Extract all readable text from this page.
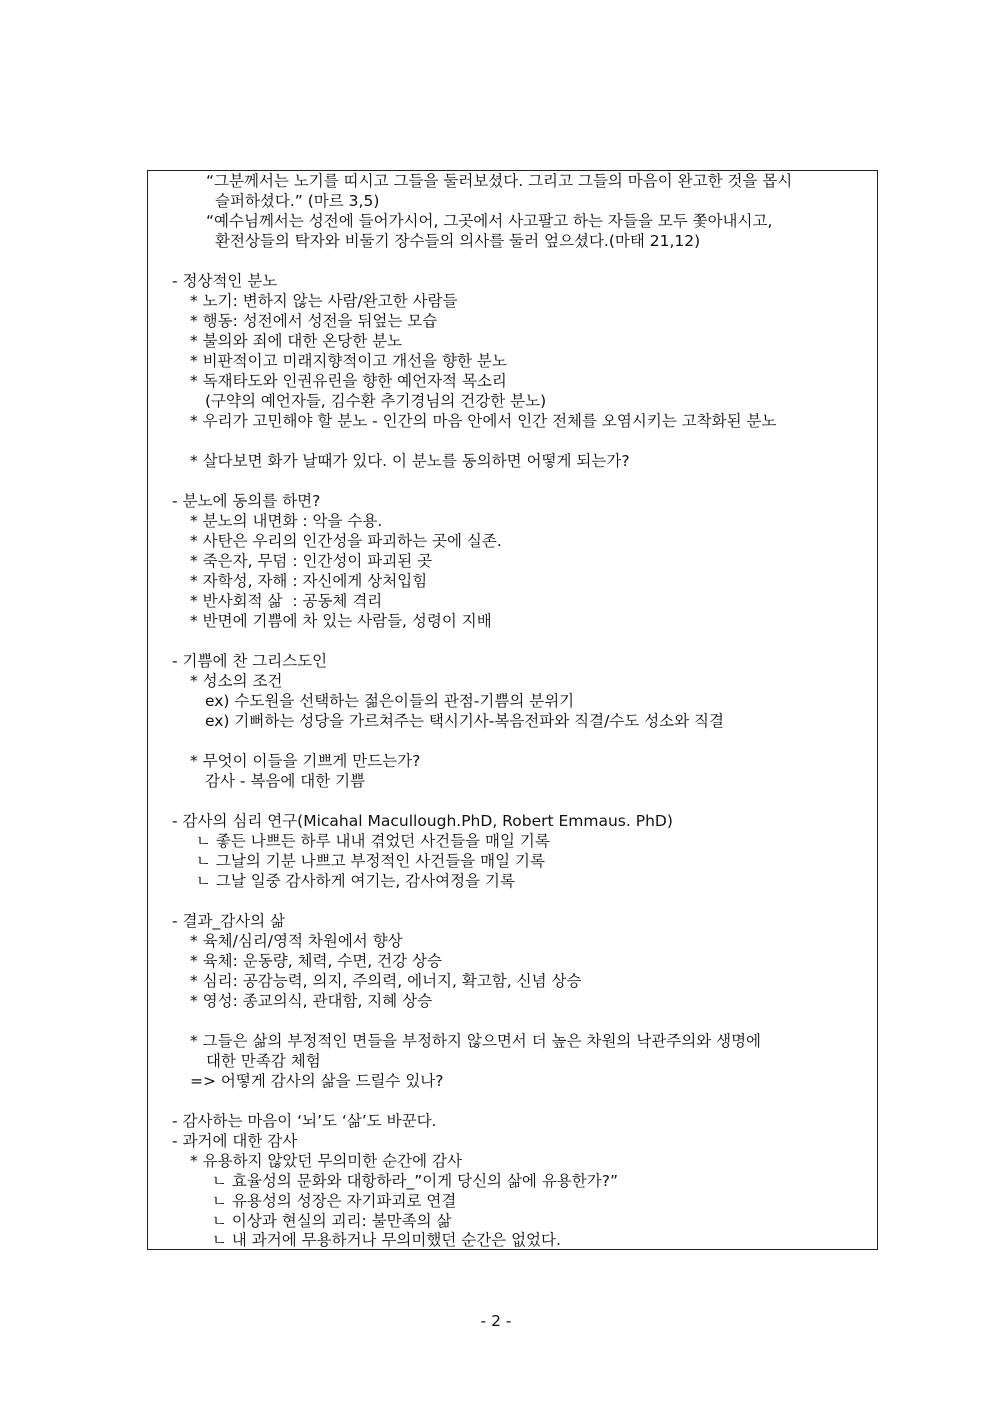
“그분께서는 노기를 띠시고 그들을 둘러보셨다. 그리고 그들의 마음이 완고한 것을 몹시
슬퍼하셨다.” (마르 3,5)
“예수님께서는 성전에 들어가시어, 그곳에서 사고팔고 하는 자들을 모두 쫓아내시고,
환전상들의 탁자와 비둘기 장수들의 의사를 둘러 엎으셨다.(마태 21,12)
- 정상적인 분노
* 노기: 변하지 않는 사람/완고한 사람들
* 행동: 성전에서 성전을 뒤엎는 모습
* 불의와 죄에 대한 온당한 분노
* 비판적이고 미래지향적이고 개선을 향한 분노
* 독재타도와 인권유린을 향한 예언자적 목소리
(구약의 예언자들, 김수환 추기경님의 건강한 분노)
* 우리가 고민해야 할 분노 - 인간의 마음 안에서 인간 전체를 오염시키는 고착화된 분노
* 살다보면 화가 날때가 있다. 이 분노를 동의하면 어떻게 되는가?
- 분노에 동의를 하면?
* 분노의 내면화 : 악을 수용.
* 사탄은 우리의 인간성을 파괴하는 곳에 실존.
* 죽은자, 무덤 : 인간성이 파괴된 곳
* 자학성, 자해 : 자신에게 상처입힘
* 반사회적 삶  : 공동체 격리
* 반면에 기쁨에 차 있는 사람들, 성령이 지배
- 기쁨에 찬 그리스도인
* 성소의 조건
ex) 수도원을 선택하는 젊은이들의 관점-기쁨의 분위기
ex) 기뻐하는 성당을 가르쳐주는 택시기사-복음전파와 직결/수도 성소와 직결
* 무엇이 이들을 기쁘게 만드는가?
감사 - 복음에 대한 기쁨
- 감사의 심리 연구(Micahal Macullough.PhD, Robert Emmaus. PhD)
ㄴ 좋든 나쁘든 하루 내내 겪었던 사건들을 매일 기록
ㄴ 그날의 기분 나쁘고 부정적인 사건들을 매일 기록
ㄴ 그날 일중 감사하게 여기는, 감사여정을 기록
- 결과_감사의 삶
* 육체/심리/영적 차원에서 향상
* 육체: 운동량, 체력, 수면, 건강 상승
* 심리: 공감능력, 의지, 주의력, 에너지, 확고함, 신념 상승
* 영성: 종교의식, 관대함, 지혜 상승
* 그들은 삶의 부정적인 면들을 부정하지 않으면서 더 높은 차원의 낙관주의와 생명에
대한 만족감 체험
=> 어떻게 감사의 삶을 드릴수 있나?
- 감사하는 마음이 ‘뇌’도 ‘삶’도 바꾼다.
- 과거에 대한 감사
* 유용하지 않았던 무의미한 순간에 감사
ㄴ 효율성의 문화와 대항하라_”이게 당신의 삶에 유용한가?”
ㄴ 유용성의 성장은 자기파괴로 연결
ㄴ 이상과 현실의 괴리: 불만족의 삶
ㄴ 내 과거에 무용하거나 무의미했던 순간은 없었다.
- 2 -
